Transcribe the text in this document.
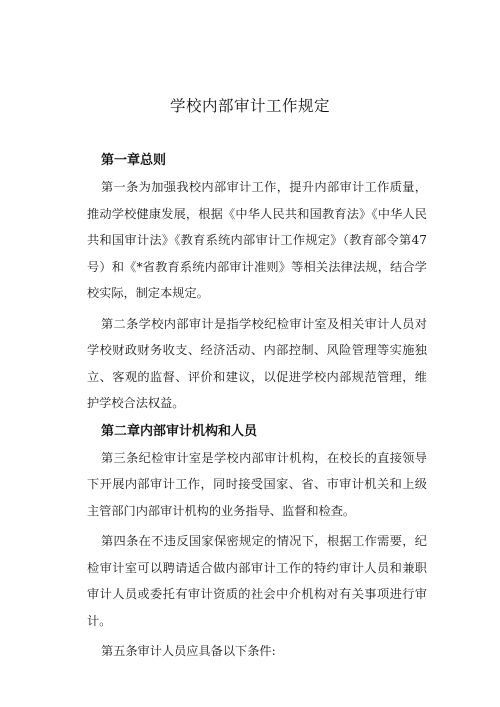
学校内部审计工作规定
第一章总则

第一条为加强我校内部审计工作，提升内部审计工作质量，推动学校健康发展，根据《中华人民共和国教育法》《中华人民共和国审计法》《教育系统内部审计工作规定》（教育部令第47号）和《*省教育系统内部审计准则》等相关法律法规，结合学校实际，制定本规定。

第二条学校内部审计是指学校纪检审计室及相关审计人员对学校财政财务收支、经济活动、内部控制、风险管理等实施独立、客观的监督、评价和建议，以促进学校内部规范管理，维护学校合法权益。

第二章内部审计机构和人员

第三条纪检审计室是学校内部审计机构，在校长的直接领导下开展内部审计工作，同时接受国家、省、市审计机关和上级主管部门内部审计机构的业务指导、监督和检查。

第四条在不违反国家保密规定的情况下，根据工作需要，纪检审计室可以聘请适合做内部审计工作的特约审计人员和兼职审计人员或委托有审计资质的社会中介机构对有关事项进行审计。

第五条审计人员应具备以下条件:
